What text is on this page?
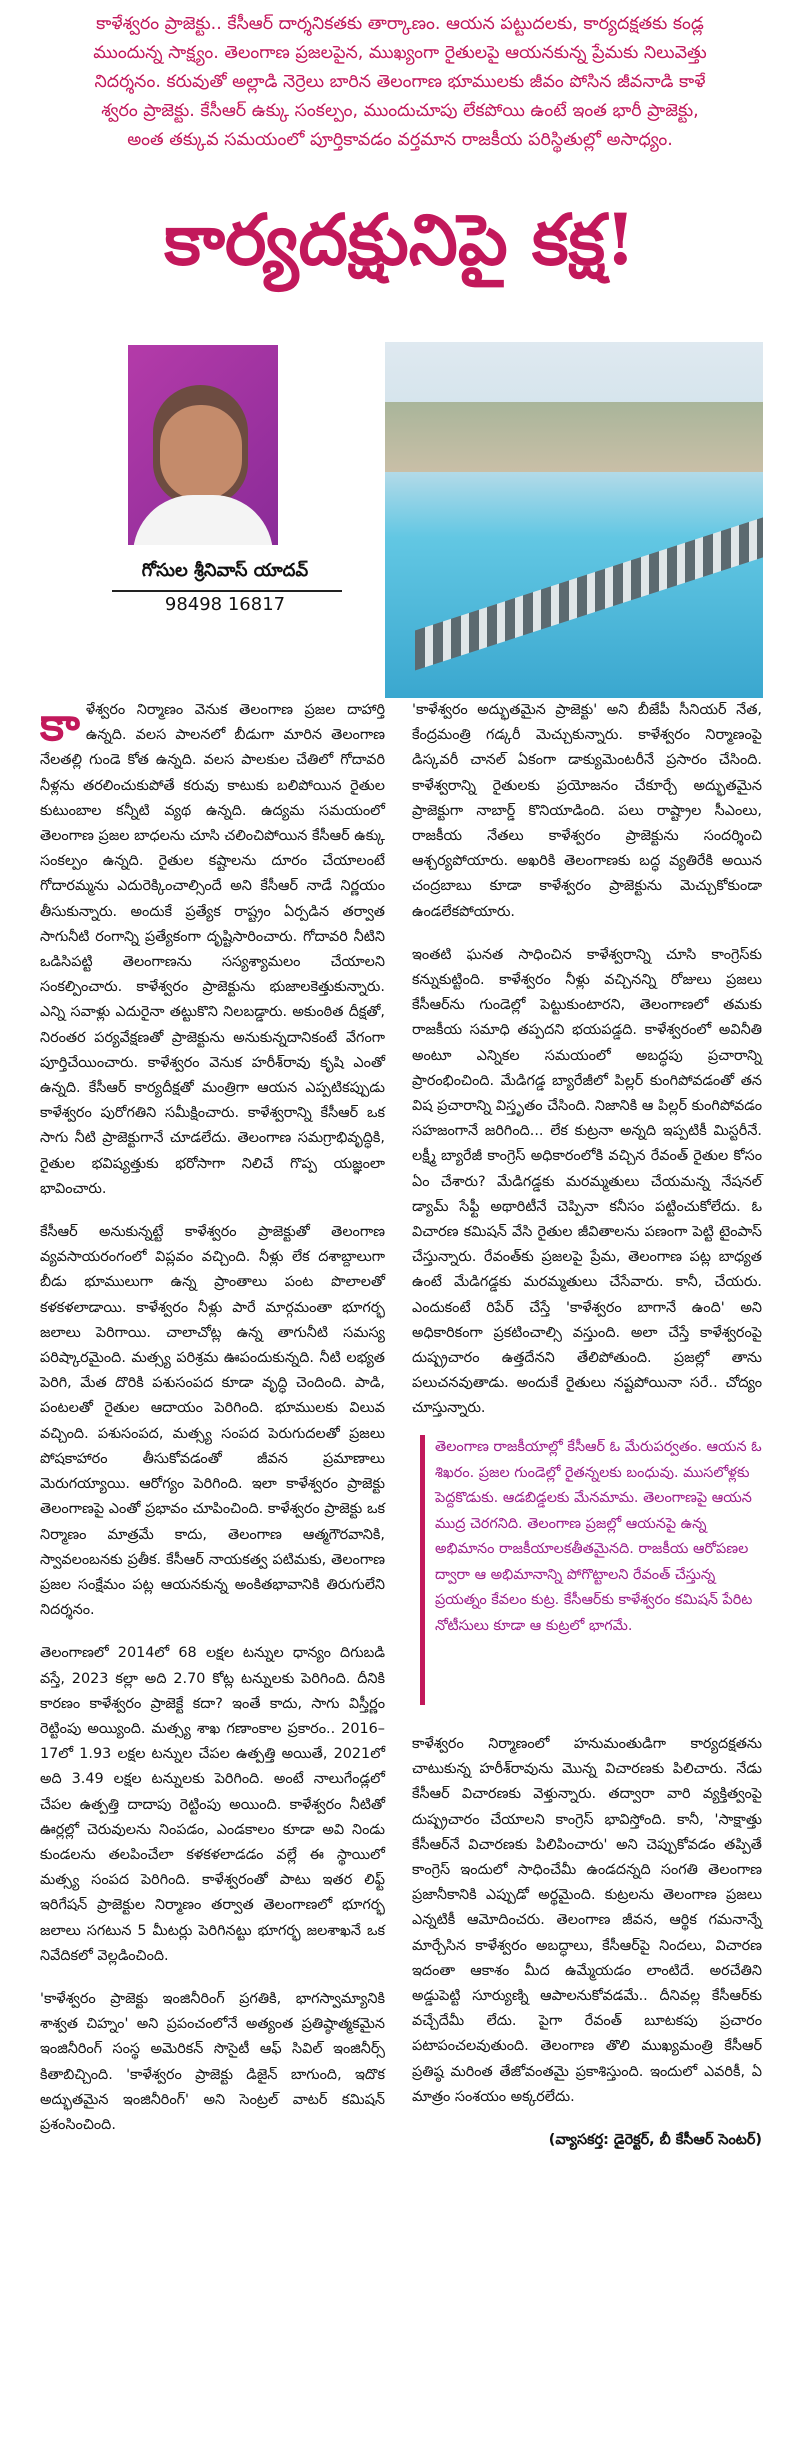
కాళేశ్వరం ప్రాజెక్టు.. కేసీఆర్ దార్శనికతకు తార్కాణం. ఆయన పట్టుదలకు, కార్యదక్షతకు కండ్ల

ముందున్న సాక్ష్యం. తెలంగాణ ప్రజలపైన, ముఖ్యంగా రైతులపై ఆయనకున్న ప్రేమకు నిలువెత్తు

నిదర్శనం. కరువుతో అల్లాడి నెర్రెలు బారిన తెలంగాణ భూములకు జీవం పోసిన జీవనాడి కాళే

శ్వరం ప్రాజెక్టు. కేసీఆర్ ఉక్కు సంకల్పం, ముందుచూపు లేకపోయి ఉంటే ఇంత భారీ ప్రాజెక్టు,

అంత తక్కువ సమయంలో పూర్తికావడం వర్తమాన రాజకీయ పరిస్థితుల్లో అసాధ్యం.

కార్యదక్షునిపై కక్ష!
గోసుల శ్రీనివాస్ యాదవ్
98498 16817

కాళేశ్వరం నిర్మాణం వెనుక తెలంగాణ ప్రజల దాహార్తి ఉన్నది. వలస పాలనలో బీడుగా మారిన తెలంగాణ నేలతల్లి గుండె కోత ఉన్నది. వలస పాలకుల చేతిలో గోదావరి నీళ్లను తరలించుకుపోతే కరువు కాటుకు బలిపోయిన రైతుల కుటుంబాల కన్నీటి వ్యథ ఉన్నది. ఉద్యమ సమయంలో తెలంగాణ ప్రజల బాధలను చూసి చలించిపోయిన కేసీఆర్ ఉక్కు సంకల్పం ఉన్నది. రైతుల కష్టాలను దూరం చేయాలంటే గోదారమ్మను ఎదురెక్కించాల్సిందే అని కేసీఆర్ నాడే నిర్ణయం తీసుకున్నారు. అందుకే ప్రత్యేక రాష్ట్రం ఏర్పడిన తర్వాత సాగునీటి రంగాన్ని ప్రత్యేకంగా దృష్టిసారించారు. గోదావరి నీటిని ఒడిసిపట్టి తెలంగాణను సస్యశ్యామలం చేయాలని సంకల్పించారు. కాళేశ్వరం ప్రాజెక్టును భుజాలకెత్తుకున్నారు. ఎన్ని సవాళ్లు ఎదురైనా తట్టుకొని నిలబడ్డారు. అకుంఠిత దీక్షతో, నిరంతర పర్యవేక్షణతో ప్రాజెక్టును అనుకున్నదానికంటే వేగంగా పూర్తిచేయించారు. కాళేశ్వరం వెనుక హరీశ్‌రావు కృషి ఎంతో ఉన్నది. కేసీఆర్ కార్యదీక్షతో మంత్రిగా ఆయన ఎప్పటికప్పుడు కాళేశ్వరం పురోగతిని సమీక్షించారు. కాళేశ్వరాన్ని కేసీఆర్ ఒక సాగు నీటి ప్రాజెక్టుగానే చూడలేదు. తెలంగాణ సమగ్రాభివృద్ధికి, రైతుల భవిష్యత్తుకు భరోసాగా నిలిచే గొప్ప యజ్ఞంలా భావించారు.

కేసీఆర్ అనుకున్నట్టే కాళేశ్వరం ప్రాజెక్టుతో తెలంగాణ వ్యవసాయరంగంలో విప్లవం వచ్చింది. నీళ్లు లేక దశాబ్దాలుగా బీడు భూములుగా ఉన్న ప్రాంతాలు పంట పొలాలతో కళకళలాడాయి. కాళేశ్వరం నీళ్లు పారే మార్గమంతా భూగర్భ జలాలు పెరిగాయి. చాలాచోట్ల ఉన్న తాగునీటి సమస్య పరిష్కారమైంది. మత్స్య పరిశ్రమ ఊపందుకున్నది. నీటి లభ్యత పెరిగి, మేత దొరికి పశుసంపద కూడా వృద్ధి చెందింది. పాడి, పంటలతో రైతుల ఆదాయం పెరిగింది. భూములకు విలువ వచ్చింది. పశుసంపద, మత్స్య సంపద పెరుగుదలతో ప్రజలు పోషకాహారం తీసుకోవడంతో జీవన ప్రమాణాలు మెరుగయ్యాయి. ఆరోగ్యం పెరిగింది. ఇలా కాళేశ్వరం ప్రాజెక్టు తెలంగాణపై ఎంతో ప్రభావం చూపించింది. కాళేశ్వరం ప్రాజెక్టు ఒక నిర్మాణం మాత్రమే కాదు, తెలంగాణ ఆత్మగౌరవానికి, స్వావలంబనకు ప్రతీక. కేసీఆర్ నాయకత్వ పటిమకు, తెలంగాణ ప్రజల సంక్షేమం పట్ల ఆయనకున్న అంకితభావానికి తిరుగులేని నిదర్శనం.

తెలంగాణలో 2014లో 68 లక్షల టన్నుల ధాన్యం దిగుబడి వస్తే, 2023 కల్లా అది 2.70 కోట్ల టన్నులకు పెరిగింది. దీనికి కారణం కాళేశ్వరం ప్రాజెక్టే కదా? ఇంతే కాదు, సాగు విస్తీర్ణం రెట్టింపు అయ్యింది. మత్స్య శాఖ గణాంకాల ప్రకారం.. 2016–17లో 1.93 లక్షల టన్నుల చేపల ఉత్పత్తి అయితే, 2021లో అది 3.49 లక్షల టన్నులకు పెరిగింది. అంటే నాలుగేండ్లలో చేపల ఉత్పత్తి దాదాపు రెట్టింపు అయింది. కాళేశ్వరం నీటితో ఊర్లల్లో చెరువులను నింపడం, ఎండకాలం కూడా అవి నిండు కుండలను తలపించేలా కళకళలాడడం వల్లే ఈ స్థాయిలో మత్స్య సంపద పెరిగింది. కాళేశ్వరంతో పాటు ఇతర లిఫ్ట్ ఇరిగేషన్ ప్రాజెక్టుల నిర్మాణం తర్వాత తెలంగాణలో భూగర్భ జలాలు సగటున 5 మీటర్లు పెరిగినట్టు భూగర్భ జలశాఖనే ఒక నివేదికలో వెల్లడించింది.

'కాళేశ్వరం ప్రాజెక్టు ఇంజినీరింగ్ ప్రగతికి, భాగస్వామ్యానికి శాశ్వత చిహ్నం' అని ప్రపంచంలోనే అత్యంత ప్రతిష్ఠాత్మకమైన ఇంజినీరింగ్ సంస్థ అమెరికన్ సొసైటీ ఆఫ్ సివిల్ ఇంజినీర్స్ కితాబిచ్చింది. 'కాళేశ్వరం ప్రాజెక్టు డిజైన్ బాగుంది, ఇదొక అద్భుతమైన ఇంజినీరింగ్' అని సెంట్రల్ వాటర్ కమిషన్ ప్రశంసించింది.

'కాళేశ్వరం అద్భుతమైన ప్రాజెక్టు' అని బీజేపీ సీనియర్ నేత, కేంద్రమంత్రి గడ్కరీ మెచ్చుకున్నారు. కాళేశ్వరం నిర్మాణంపై డిస్కవరీ చానల్ ఏకంగా డాక్యుమెంటరీనే ప్రసారం చేసింది. కాళేశ్వరాన్ని రైతులకు ప్రయోజనం చేకూర్చే అద్భుతమైన ప్రాజెక్టుగా నాబార్డ్ కొనియాడింది. పలు రాష్ట్రాల సీఎంలు, రాజకీయ నేతలు కాళేశ్వరం ప్రాజెక్టును సందర్శించి ఆశ్చర్యపోయారు. అఖరికి తెలంగాణకు బద్ధ వ్యతిరేకి అయిన చంద్రబాబు కూడా కాళేశ్వరం ప్రాజెక్టును మెచ్చుకోకుండా ఉండలేకపోయారు.

ఇంతటి ఘనత సాధించిన కాళేశ్వరాన్ని చూసి కాంగ్రెస్‌కు కన్నుకుట్టింది. కాళేశ్వరం నీళ్లు వచ్చినన్ని రోజులు ప్రజలు కేసీఆర్‌ను గుండెల్లో పెట్టుకుంటారని, తెలంగాణలో తమకు రాజకీయ సమాధి తప్పదని భయపడ్డది. కాళేశ్వరంలో అవినీతి అంటూ ఎన్నికల సమయంలో అబద్ధపు ప్రచారాన్ని ప్రారంభించింది. మేడిగడ్డ బ్యారేజీలో పిల్లర్ కుంగిపోవడంతో తన విష ప్రచారాన్ని విస్తృతం చేసింది. నిజానికి ఆ పిల్లర్ కుంగిపోవడం సహజంగానే జరిగింది... లేక కుట్రనా అన్నది ఇప్పటికీ మిస్టరీనే. లక్ష్మీ బ్యారేజీ కాంగ్రెస్ అధికారంలోకి వచ్చిన రేవంత్ రైతుల కోసం ఏం చేశారు? మేడిగడ్డకు మరమ్మతులు చేయమన్న నేషనల్ డ్యామ్ సేఫ్టీ అథారిటీనే చెప్పినా కనీసం పట్టించుకోలేదు. ఓ విచారణ కమిషన్ వేసి రైతుల జీవితాలను పణంగా పెట్టి టైంపాస్ చేస్తున్నారు. రేవంత్‌కు ప్రజలపై ప్రేమ, తెలంగాణ పట్ల బాధ్యత ఉంటే మేడిగడ్డకు మరమ్మతులు చేసేవారు. కానీ, చేయరు. ఎందుకంటే రిపేర్ చేస్తే 'కాళేశ్వరం బాగానే ఉంది' అని అధికారికంగా ప్రకటించాల్సి వస్తుంది. అలా చేస్తే కాళేశ్వరంపై దుష్ప్రచారం ఉత్తదేనని తేలిపోతుంది. ప్రజల్లో తాను పలుచనవుతాడు. అందుకే రైతులు నష్టపోయినా సరే.. చోద్యం చూస్తున్నారు.

తెలంగాణ రాజకీయాల్లో కేసీఆర్ ఓ మేరుపర్వతం. ఆయన ఓ శిఖరం. ప్రజల గుండెల్లో రైతన్నలకు బంధువు. ముసలోళ్లకు పెద్దకొడుకు. ఆడబిడ్డలకు మేనమామ. తెలంగాణపై ఆయన ముద్ర చెరగనిది. తెలంగాణ ప్రజల్లో ఆయనపై ఉన్న అభిమానం రాజకీయాలకతీతమైనది. రాజకీయ ఆరోపణల ద్వారా ఆ అభిమానాన్ని పోగొట్టాలని రేవంత్ చేస్తున్న ప్రయత్నం కేవలం కుట్ర. కేసీఆర్‌కు కాళేశ్వరం కమిషన్ పేరిట నోటీసులు కూడా ఆ కుట్రలో భాగమే.

కాళేశ్వరం నిర్మాణంలో హనుమంతుడిగా కార్యదక్షతను చాటుకున్న హరీశ్‌రావును మొన్న విచారణకు పిలిచారు. నేడు కేసీఆర్ విచారణకు వెళ్తున్నారు. తద్వారా వారి వ్యక్తిత్వంపై దుష్ప్రచారం చేయాలని కాంగ్రెస్ భావిస్తోంది. కానీ, 'సాక్షాత్తు కేసీఆర్‌నే విచారణకు పిలిపించారు' అని చెప్పుకోవడం తప్పితే కాంగ్రెస్ ఇందులో సాధించేమీ ఉండదన్నది సంగతి తెలంగాణ ప్రజానీకానికి ఎప్పుడో అర్థమైంది. కుట్రలను తెలంగాణ ప్రజలు ఎన్నటికీ ఆమోదించరు. తెలంగాణ జీవన, ఆర్థిక గమనాన్నే మార్చేసిన కాళేశ్వరం అబద్ధాలు, కేసీఆర్‌పై నిందలు, విచారణ ఇదంతా ఆకాశం మీద ఉమ్మేయడం లాంటిదే. అరచేతిని అడ్డుపెట్టి సూర్యుణ్ని ఆపాలనుకోవడమే.. దీనివల్ల కేసీఆర్‌కు వచ్చేదేమీ లేదు. పైగా రేవంత్ బూటకపు ప్రచారం పటాపంచలవుతుంది. తెలంగాణ తొలి ముఖ్యమంత్రి కేసీఆర్ ప్రతిష్ఠ మరింత తేజోవంతమై ప్రకాశిస్తుంది. ఇందులో ఎవరికీ, ఏ మాత్రం సంశయం అక్కరలేదు.

(వ్యాసకర్త: డైరెక్టర్, బీ కేసీఆర్ సెంటర్)
